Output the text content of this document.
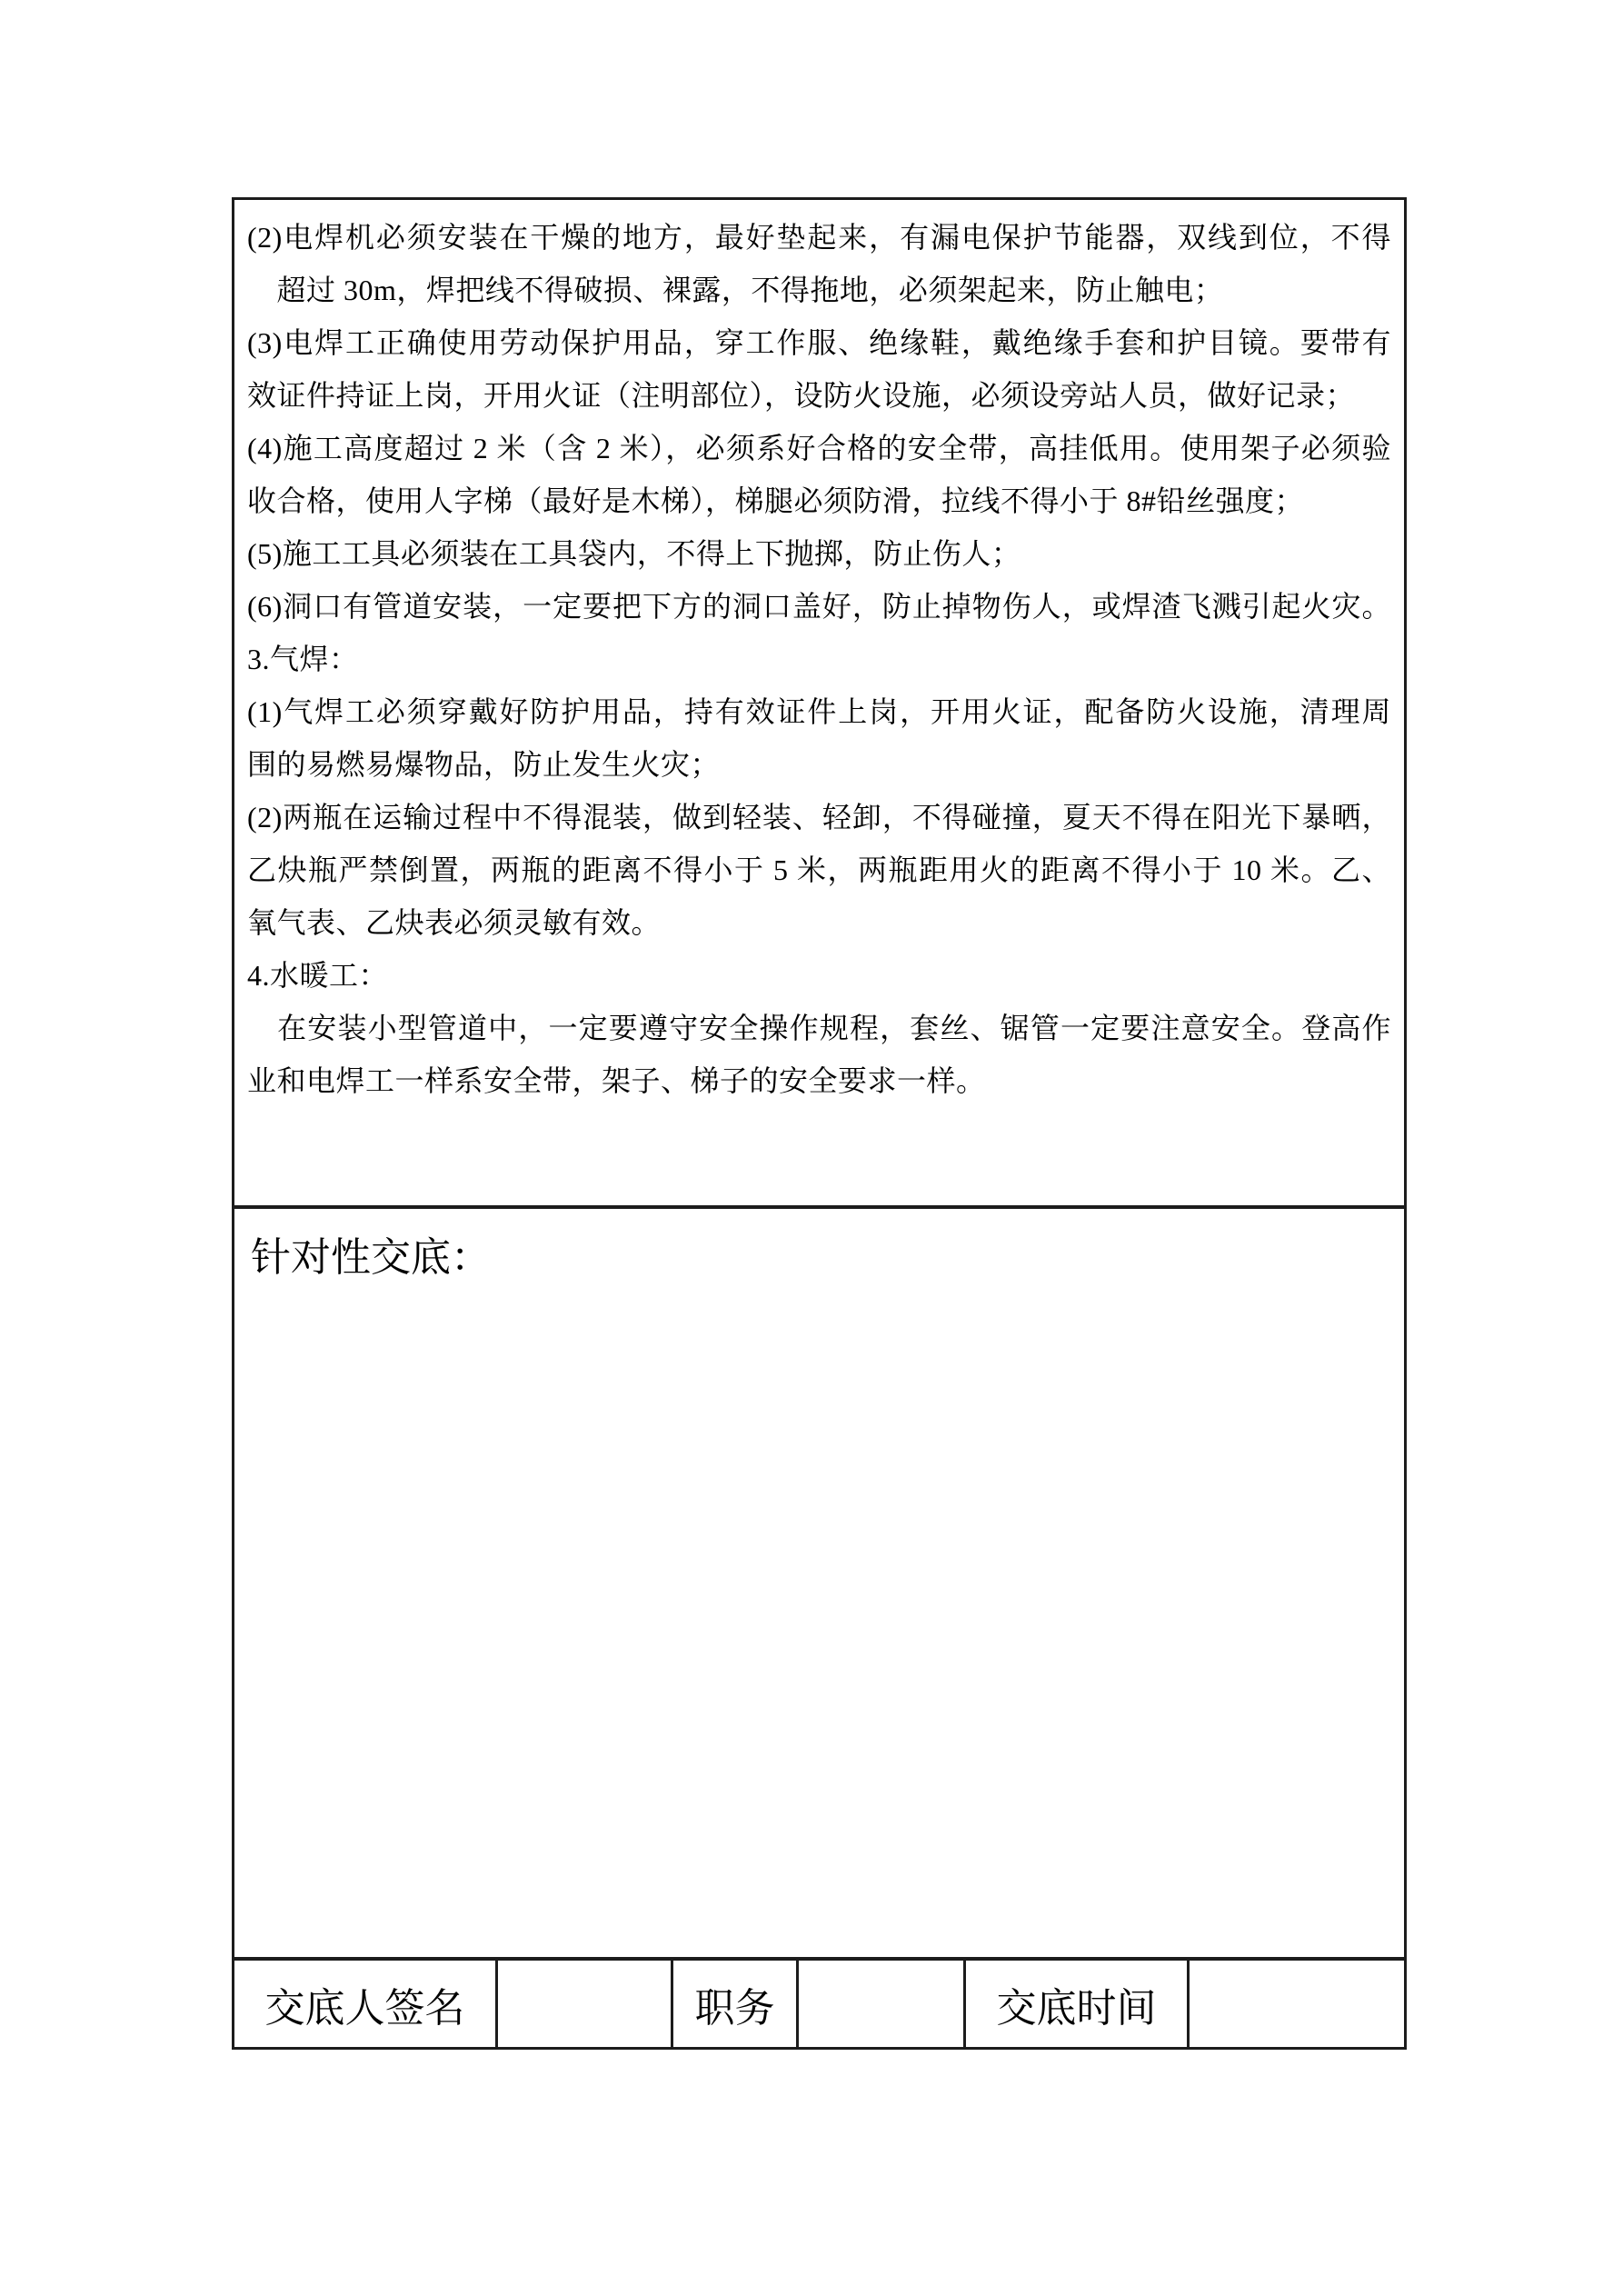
(2)电焊机必须安装在干燥的地方，最好垫起来，有漏电保护节能器，双线到位，不得
　超过 30m，焊把线不得破损、裸露，不得拖地，必须架起来，防止触电；
(3)电焊工正确使用劳动保护用品，穿工作服、绝缘鞋，戴绝缘手套和护目镜。要带有
效证件持证上岗，开用火证（注明部位），设防火设施，必须设旁站人员，做好记录；
(4)施工高度超过 2 米（含 2 米），必须系好合格的安全带，高挂低用。使用架子必须验
收合格，使用人字梯（最好是木梯），梯腿必须防滑，拉线不得小于 8#铅丝强度；
(5)施工工具必须装在工具袋内，不得上下抛掷，防止伤人；
(6)洞口有管道安装，一定要把下方的洞口盖好，防止掉物伤人，或焊渣飞溅引起火灾。
3.气焊：
(1)气焊工必须穿戴好防护用品，持有效证件上岗，开用火证，配备防火设施，清理周
围的易燃易爆物品，防止发生火灾；
(2)两瓶在运输过程中不得混装，做到轻装、轻卸，不得碰撞，夏天不得在阳光下暴晒，
乙炔瓶严禁倒置，两瓶的距离不得小于 5 米，两瓶距用火的距离不得小于 10 米。乙、
氧气表、乙炔表必须灵敏有效。
4.水暖工：
　在安装小型管道中，一定要遵守安全操作规程，套丝、锯管一定要注意安全。登高作
业和电焊工一样系安全带，架子、梯子的安全要求一样。
针对性交底：
交底人签名	职务	交底时间
